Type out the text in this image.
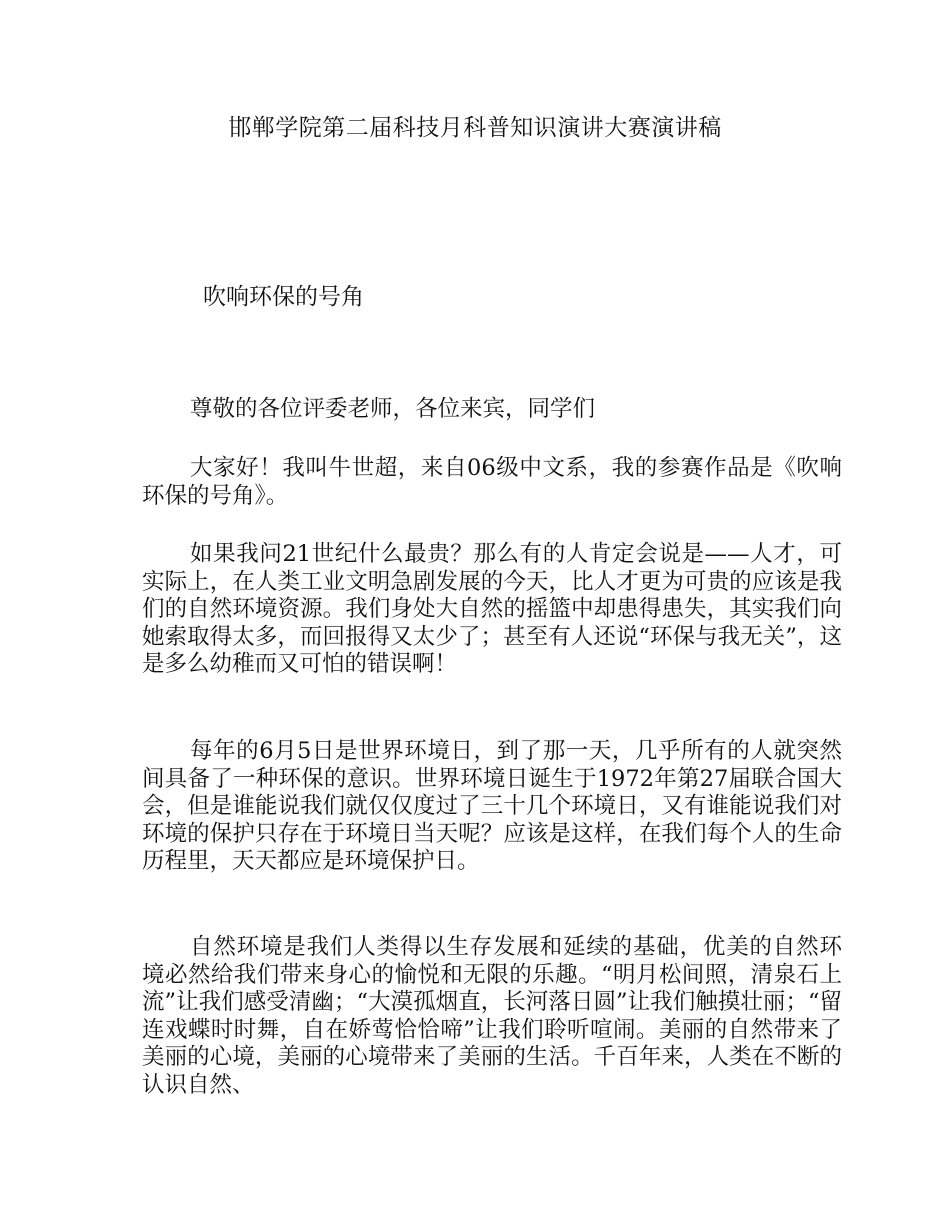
邯郸学院第二届科技月科普知识演讲大赛演讲稿
吹响环保的号角
尊敬的各位评委老师，各位来宾，同学们
大家好！我叫牛世超，来自06级中文系，我的参赛作品是《吹响环保的号角》。
如果我问21世纪什么最贵？那么有的人肯定会说是——人才，可实际上，在人类工业文明急剧发展的今天，比人才更为可贵的应该是我们的自然环境资源。我们身处大自然的摇篮中却患得患失，其实我们向她索取得太多，而回报得又太少了；甚至有人还说“环保与我无关”，这是多么幼稚而又可怕的错误啊！
每年的6月5日是世界环境日，到了那一天，几乎所有的人就突然间具备了一种环保的意识。世界环境日诞生于1972年第27届联合国大会，但是谁能说我们就仅仅度过了三十几个环境日，又有谁能说我们对环境的保护只存在于环境日当天呢？应该是这样，在我们每个人的生命历程里，天天都应是环境保护日。
自然环境是我们人类得以生存发展和延续的基础，优美的自然环境必然给我们带来身心的愉悦和无限的乐趣。“明月松间照，清泉石上流”让我们感受清幽；“大漠孤烟直，长河落日圆”让我们触摸壮丽；“留连戏蝶时时舞，自在娇莺恰恰啼”让我们聆听喧闹。美丽的自然带来了美丽的心境，美丽的心境带来了美丽的生活。千百年来，人类在不断的认识自然、
